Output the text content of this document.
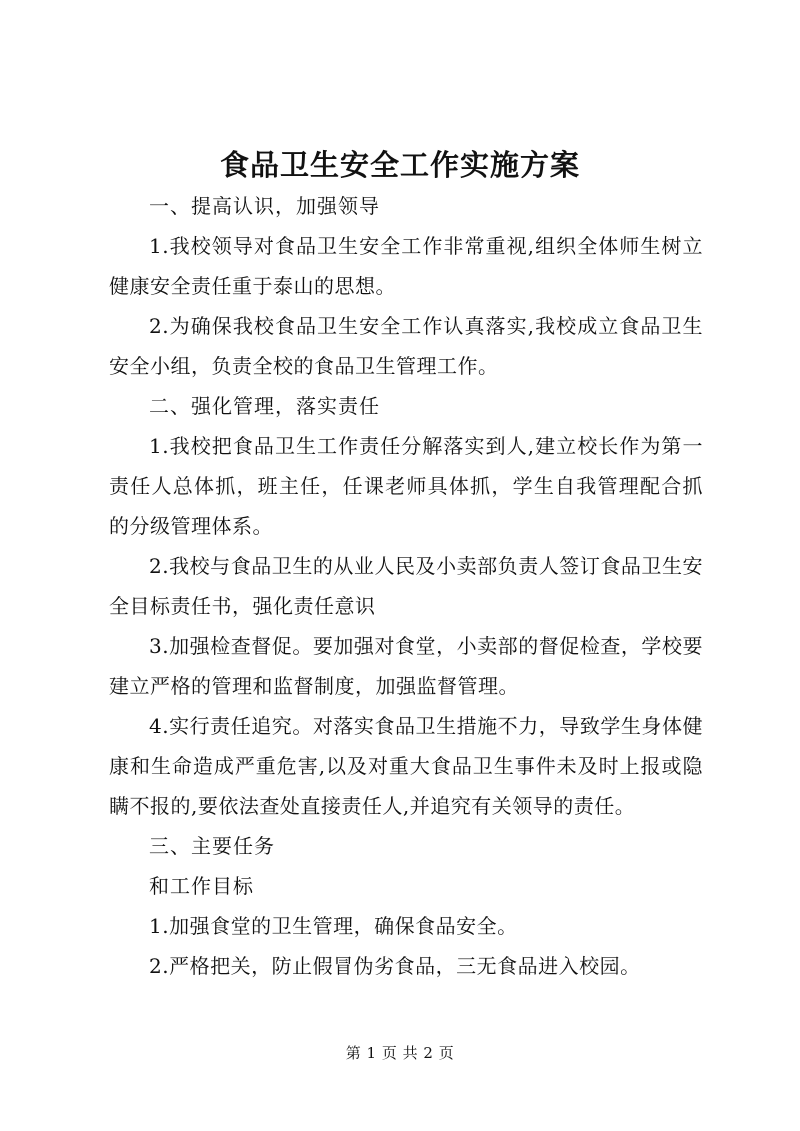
食品卫生安全工作实施方案

一、提高认识，加强领导

1.我校领导对食品卫生安全工作非常重视,组织全体师生树立健康安全责任重于泰山的思想。

2.为确保我校食品卫生安全工作认真落实,我校成立食品卫生安全小组，负责全校的食品卫生管理工作。

二、强化管理，落实责任

1.我校把食品卫生工作责任分解落实到人,建立校长作为第一责任人总体抓，班主任，任课老师具体抓，学生自我管理配合抓的分级管理体系。

2.我校与食品卫生的从业人民及小卖部负责人签订食品卫生安全目标责任书，强化责任意识

3.加强检查督促。要加强对食堂，小卖部的督促检查，学校要建立严格的管理和监督制度，加强监督管理。

4.实行责任追究。对落实食品卫生措施不力，导致学生身体健康和生命造成严重危害,以及对重大食品卫生事件未及时上报或隐瞒不报的,要依法查处直接责任人,并追究有关领导的责任。

三、主要任务

和工作目标

1.加强食堂的卫生管理，确保食品安全。

2.严格把关，防止假冒伪劣食品，三无食品进入校园。

第 1 页 共 2 页
